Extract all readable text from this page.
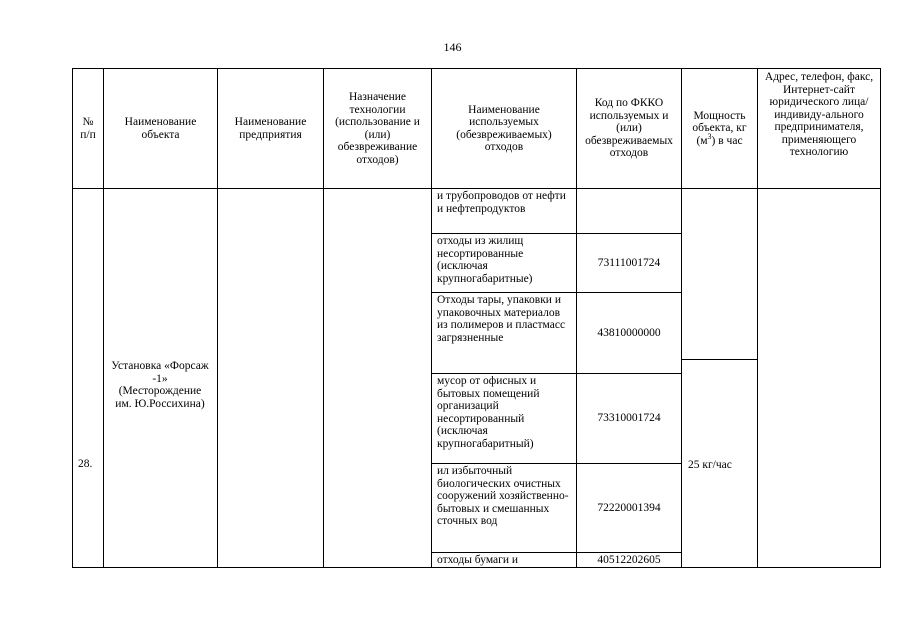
146
№ п/п
Наименование объекта
Наименование предприятия
Назначение технологии (использование и (или) обезвреживание отходов)
Наименование используемых (обезвреживаемых) отходов
Код по ФККО используемых и (или) обезвреживаемых отходов
Мощность объекта, кг $(м^3)$ в час
Адрес, телефон, факс, Интернет-сайт юридического лица/индивиду-ального предпринимателя, применяющего технологию
28.
Установка «Форсаж -1» (Месторождение им. Ю.Россихина)
и трубопроводов от нефти и нефтепродуктов
отходы из жилищ несортированные (исключая крупногабаритные)
Отходы тары, упаковки и упаковочных материалов из полимеров и пластмасс загрязненные
мусор от офисных и бытовых помещений организаций несортированный (исключая крупногабаритный)
ил избыточный биологических очистных сооружений хозяйственно-бытовых и смешанных сточных вод
отходы бумаги и
73111001724
43810000000
73310001724
72220001394
40512202605
25 кг/час
